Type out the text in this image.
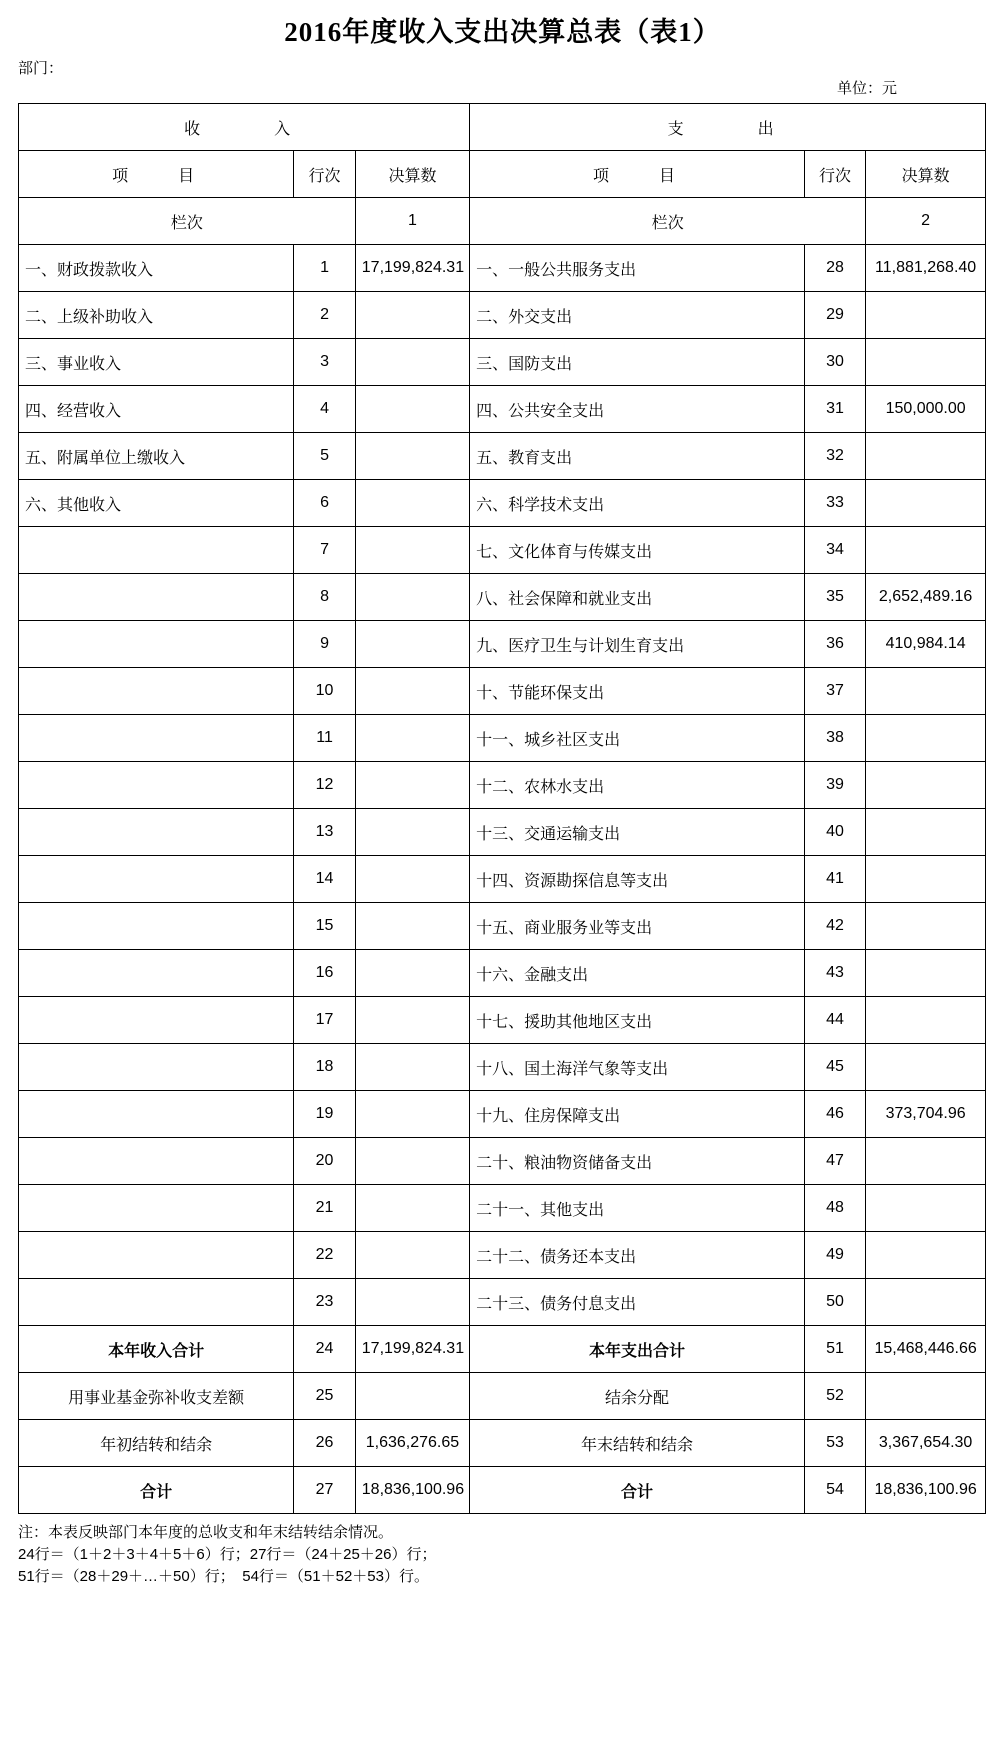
2016年度收入支出决算总表（表1）
部门：
单位：元
收　　入			支　　出		
项　　目	行次	决算数	项　　目	行次	决算数
栏次		1	栏次		2
一、财政拨款收入	1	17,199,824.31	一、一般公共服务支出	28	11,881,268.40
二、上级补助收入	2		二、外交支出	29	
三、事业收入	3		三、国防支出	30	
四、经营收入	4		四、公共安全支出	31	150,000.00
五、附属单位上缴收入	5		五、教育支出	32	
六、其他收入	6		六、科学技术支出	33	
	7		七、文化体育与传媒支出	34	
	8		八、社会保障和就业支出	35	2,652,489.16
	9		九、医疗卫生与计划生育支出	36	410,984.14
	10		十、节能环保支出	37	
	11		十一、城乡社区支出	38	
	12		十二、农林水支出	39	
	13		十三、交通运输支出	40	
	14		十四、资源勘探信息等支出	41	
	15		十五、商业服务业等支出	42	
	16		十六、金融支出	43	
	17		十七、援助其他地区支出	44	
	18		十八、国土海洋气象等支出	45	
	19		十九、住房保障支出	46	373,704.96
	20		二十、粮油物资储备支出	47	
	21		二十一、其他支出	48	
	22		二十二、债务还本支出	49	
	23		二十三、债务付息支出	50	
本年收入合计	24	17,199,824.31	本年支出合计	51	15,468,446.66
用事业基金弥补收支差额	25		结余分配	52	
年初结转和结余	26	1,636,276.65	年末结转和结余	53	3,367,654.30
合计	27	18,836,100.96	合计	54	18,836,100.96
注：本表反映部门本年度的总收支和年末结转结余情况。
24行＝（1＋2＋3＋4＋5＋6）行；27行＝（24＋25＋26）行；
51行＝（28＋29＋…＋50）行；　54行＝（51＋52＋53）行。
